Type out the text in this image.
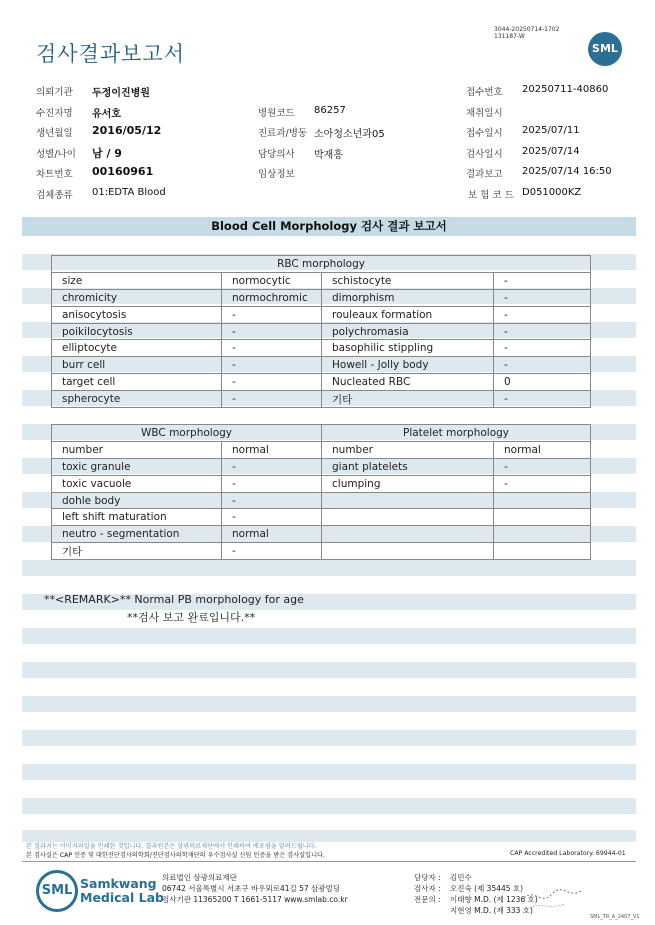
검사결과보고서
3044-20250714-1702
131187-W
SML
의뢰기관 두정이진병원	접수번호 20250711-40860
수진자명 유서호	병원코드 86257	채취일시
생년월일 2016/05/12	진료과/병동 소아청소년과05	접수일시 2025/07/11
성별/나이 남 / 9	담당의사 박재흥	검사일시 2025/07/14
차트번호 00160961	임상정보	결과보고 2025/07/14 16:50
검체종류 01:EDTA Blood	보 험 코 드 D051000KZ
Blood Cell Morphology 검사 결과 보고서
RBC morphology			
size	normocytic	schistocyte	-
chromicity	normochromic	dimorphism	-
anisocytosis	-	rouleaux formation	-
poikilocytosis	-	polychromasia	-
elliptocyte	-	basophilic stippling	-
burr cell	-	Howell - Jolly body	-
target cell	-	Nucleated RBC	0
spherocyte	-	기타	-
WBC morphology		Platelet morphology	
number	normal	number	normal
toxic granule	-	giant platelets	-
toxic vacuole	-	clumping	-
dohle body	-		
left shift maturation	-		
neutro - segmentation	normal		
기타	-		
**<REMARK>** Normal PB morphology for age
**검사 보고 완료입니다.**
본 결과지는 이미지파일을 인쇄한 것입니다. 결과원본은 삼광의료재단에서 인쇄하여 배포됨을 알려드립니다.
본 검사실은 CAP 인증 및 대한진단검사의학회/진단검사의학재단의 우수검사실 신임 인증을 받은 검사실입니다.	CAP Accredited Laboratory. 69944-01
SML Samkwang
Medical Lab
의료법인 삼광의료재단
06742 서울특별시 서초구 바우뫼로41길 57 삼광빌딩
검사기관 11365200 T 1661-5117 www.smlab.co.kr
담당자 : 김민수
검사자 : 오진숙 (제 35445 호)
전문의 : 이태향 M.D. (제 1236 호)
지현영 M.D. (제 333 호)
SML_TR_A_2407_V1
